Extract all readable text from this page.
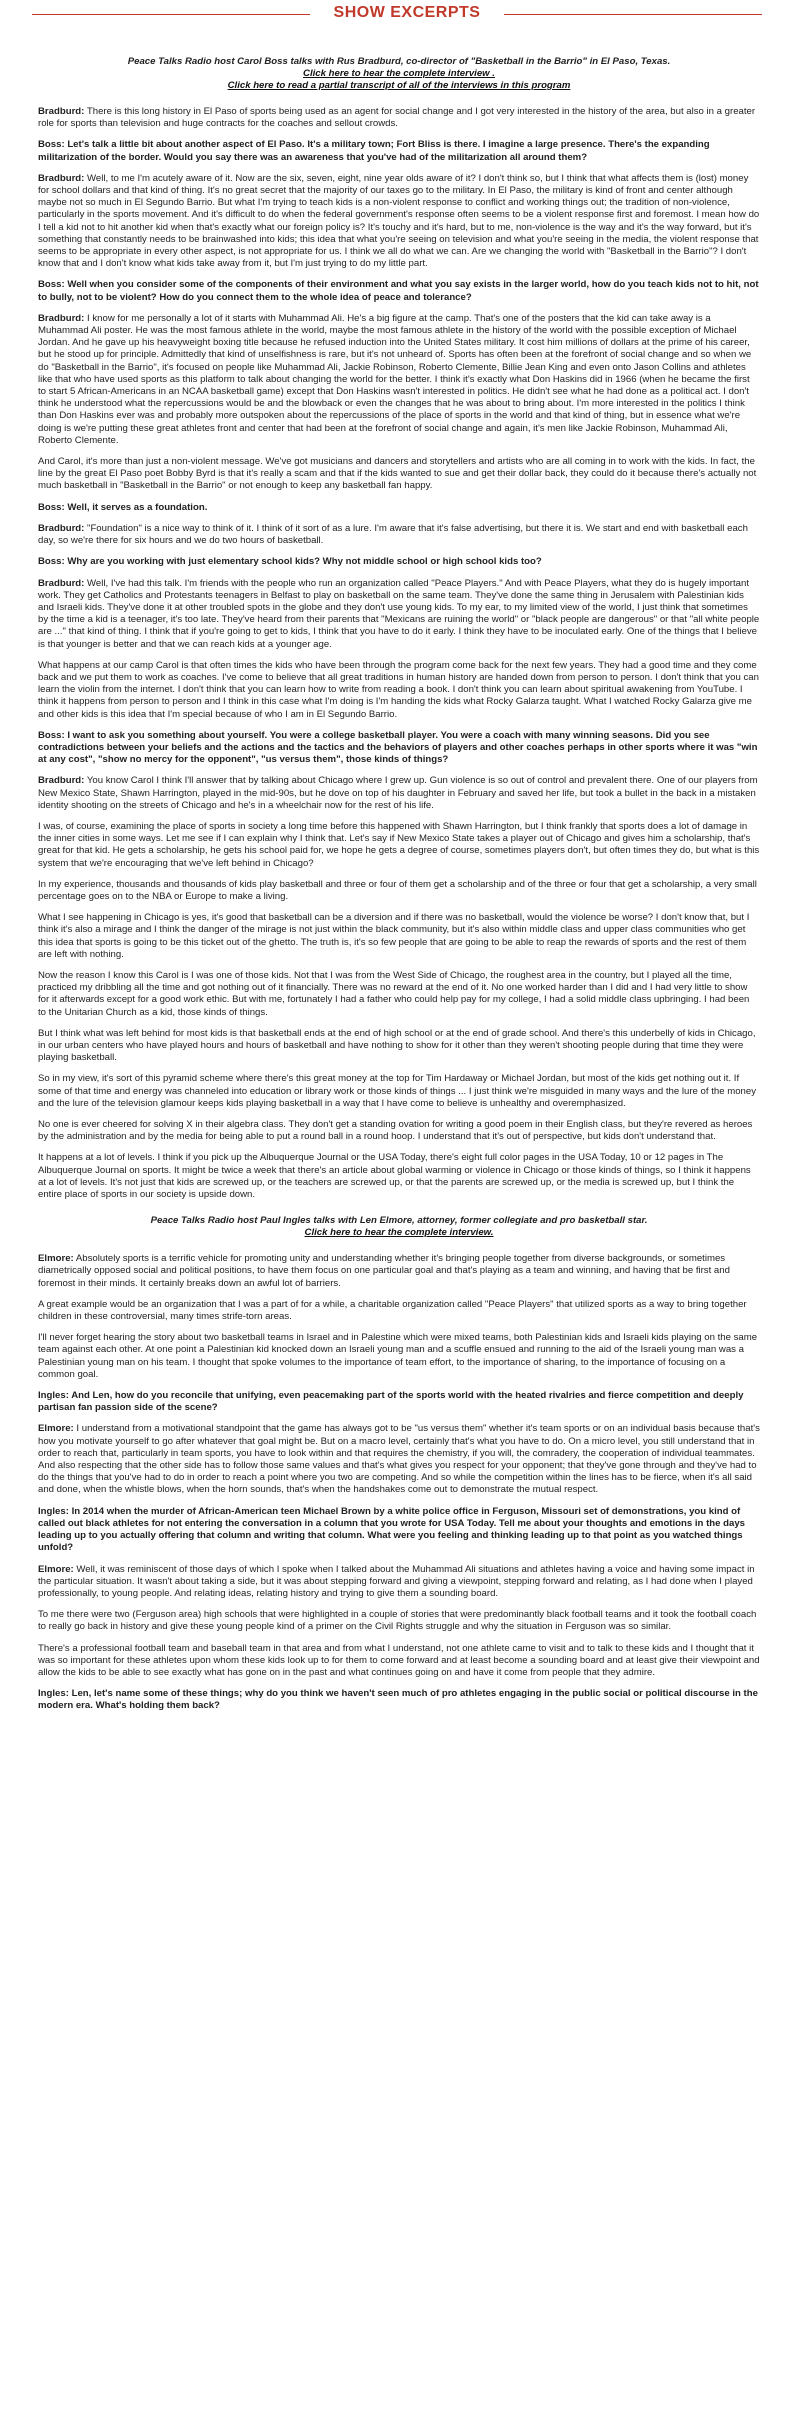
SHOW EXCERPTS
Peace Talks Radio host Carol Boss talks with Rus Bradburd, co-director of "Basketball in the Barrio" in El Paso, Texas.
Click here to hear the complete interview .
Click here to read a partial transcript of all of the interviews in this program

Bradburd: There is this long history in El Paso of sports being used as an agent for social change and I got very interested in the history of the area, but also in a greater role for sports than television and huge contracts for the coaches and sellout crowds.

Boss: Let's talk a little bit about another aspect of El Paso. It's a military town; Fort Bliss is there. I imagine a large presence. There's the expanding militarization of the border. Would you say there was an awareness that you've had of the militarization all around them?

Bradburd: Well, to me I'm acutely aware of it. Now are the six, seven, eight, nine year olds aware of it? I don't think so, but I think that what affects them is (lost) money for school dollars and that kind of thing. It's no great secret that the majority of our taxes go to the military. In El Paso, the military is kind of front and center although maybe not so much in El Segundo Barrio. But what I'm trying to teach kids is a non-violent response to conflict and working things out; the tradition of non-violence, particularly in the sports movement. And it's difficult to do when the federal government's response often seems to be a violent response first and foremost. I mean how do I tell a kid not to hit another kid when that's exactly what our foreign policy is? It's touchy and it's hard, but to me, non-violence is the way and it's the way forward, but it's something that constantly needs to be brainwashed into kids; this idea that what you're seeing on television and what you're seeing in the media, the violent response that seems to be appropriate in every other aspect, is not appropriate for us. I think we all do what we can. Are we changing the world with "Basketball in the Barrio"? I don't know that and I don't know what kids take away from it, but I'm just trying to do my little part.

Boss: Well when you consider some of the components of their environment and what you say exists in the larger world, how do you teach kids not to hit, not to bully, not to be violent? How do you connect them to the whole idea of peace and tolerance?

Bradburd: I know for me personally a lot of it starts with Muhammad Ali. He's a big figure at the camp. That's one of the posters that the kid can take away is a Muhammad Ali poster. He was the most famous athlete in the world, maybe the most famous athlete in the history of the world with the possible exception of Michael Jordan. And he gave up his heavyweight boxing title because he refused induction into the United States military. It cost him millions of dollars at the prime of his career, but he stood up for principle. Admittedly that kind of unselfishness is rare, but it's not unheard of. Sports has often been at the forefront of social change and so when we do "Basketball in the Barrio", it's focused on people like Muhammad Ali, Jackie Robinson, Roberto Clemente, Billie Jean King and even onto Jason Collins and athletes like that who have used sports as this platform to talk about changing the world for the better. I think it's exactly what Don Haskins did in 1966 (when he became the first to start 5 African-Americans in an NCAA basketball game) except that Don Haskins wasn't interested in politics. He didn't see what he had done as a political act. I don't think he understood what the repercussions would be and the blowback or even the changes that he was about to bring about. I'm more interested in the politics I think than Don Haskins ever was and probably more outspoken about the repercussions of the place of sports in the world and that kind of thing, but in essence what we're doing is we're putting these great athletes front and center that had been at the forefront of social change and again, it's men like Jackie Robinson, Muhammad Ali, Roberto Clemente.

And Carol, it's more than just a non-violent message. We've got musicians and dancers and storytellers and artists who are all coming in to work with the kids. In fact, the line by the great El Paso poet Bobby Byrd is that it's really a scam and that if the kids wanted to sue and get their dollar back, they could do it because there's actually not much basketball in "Basketball in the Barrio" or not enough to keep any basketball fan happy.

Boss: Well, it serves as a foundation.

Bradburd: "Foundation" is a nice way to think of it. I think of it sort of as a lure. I'm aware that it's false advertising, but there it is. We start and end with basketball each day, so we're there for six hours and we do two hours of basketball.

Boss: Why are you working with just elementary school kids? Why not middle school or high school kids too?

Bradburd: Well, I've had this talk. I'm friends with the people who run an organization called "Peace Players." And with Peace Players, what they do is hugely important work. They get Catholics and Protestants teenagers in Belfast to play on basketball on the same team. They've done the same thing in Jerusalem with Palestinian kids and Israeli kids. They've done it at other troubled spots in the globe and they don't use young kids. To my ear, to my limited view of the world, I just think that sometimes by the time a kid is a teenager, it's too late. They've heard from their parents that "Mexicans are ruining the world" or "black people are dangerous" or that "all white people are ..." that kind of thing. I think that if you're going to get to kids, I think that you have to do it early. I think they have to be inoculated early. One of the things that I believe is that younger is better and that we can reach kids at a younger age.

What happens at our camp Carol is that often times the kids who have been through the program come back for the next few years. They had a good time and they come back and we put them to work as coaches. I've come to believe that all great traditions in human history are handed down from person to person. I don't think that you can learn the violin from the internet. I don't think that you can learn how to write from reading a book. I don't think you can learn about spiritual awakening from YouTube. I think it happens from person to person and I think in this case what I'm doing is I'm handing the kids what Rocky Galarza taught. What I watched Rocky Galarza give me and other kids is this idea that I'm special because of who I am in El Segundo Barrio.

Boss: I want to ask you something about yourself. You were a college basketball player. You were a coach with many winning seasons. Did you see contradictions between your beliefs and the actions and the tactics and the behaviors of players and other coaches perhaps in other sports where it was "win at any cost", "show no mercy for the opponent", "us versus them", those kinds of things?

Bradburd: You know Carol I think I'll answer that by talking about Chicago where I grew up. Gun violence is so out of control and prevalent there. One of our players from New Mexico State, Shawn Harrington, played in the mid-90s, but he dove on top of his daughter in February and saved her life, but took a bullet in the back in a mistaken identity shooting on the streets of Chicago and he's in a wheelchair now for the rest of his life.

I was, of course, examining the place of sports in society a long time before this happened with Shawn Harrington, but I think frankly that sports does a lot of damage in the inner cities in some ways. Let me see if I can explain why I think that. Let's say if New Mexico State takes a player out of Chicago and gives him a scholarship, that's great for that kid. He gets a scholarship, he gets his school paid for, we hope he gets a degree of course, sometimes players don't, but often times they do, but what is this system that we're encouraging that we've left behind in Chicago?

In my experience, thousands and thousands of kids play basketball and three or four of them get a scholarship and of the three or four that get a scholarship, a very small percentage goes on to the NBA or Europe to make a living.

What I see happening in Chicago is yes, it's good that basketball can be a diversion and if there was no basketball, would the violence be worse? I don't know that, but I think it's also a mirage and I think the danger of the mirage is not just within the black community, but it's also within middle class and upper class communities who get this idea that sports is going to be this ticket out of the ghetto. The truth is, it's so few people that are going to be able to reap the rewards of sports and the rest of them are left with nothing.

Now the reason I know this Carol is I was one of those kids. Not that I was from the West Side of Chicago, the roughest area in the country, but I played all the time, practiced my dribbling all the time and got nothing out of it financially. There was no reward at the end of it. No one worked harder than I did and I had very little to show for it afterwards except for a good work ethic. But with me, fortunately I had a father who could help pay for my college, I had a solid middle class upbringing. I had been to the Unitarian Church as a kid, those kinds of things.

But I think what was left behind for most kids is that basketball ends at the end of high school or at the end of grade school. And there's this underbelly of kids in Chicago, in our urban centers who have played hours and hours of basketball and have nothing to show for it other than they weren't shooting people during that time they were playing basketball.

So in my view, it's sort of this pyramid scheme where there's this great money at the top for Tim Hardaway or Michael Jordan, but most of the kids get nothing out it. If some of that time and energy was channeled into education or library work or those kinds of things ... I just think we're misguided in many ways and the lure of the money and the lure of the television glamour keeps kids playing basketball in a way that I have come to believe is unhealthy and overemphasized.

No one is ever cheered for solving X in their algebra class. They don't get a standing ovation for writing a good poem in their English class, but they're revered as heroes by the administration and by the media for being able to put a round ball in a round hoop. I understand that it's out of perspective, but kids don't understand that.

It happens at a lot of levels. I think if you pick up the Albuquerque Journal or the USA Today, there's eight full color pages in the USA Today, 10 or 12 pages in The Albuquerque Journal on sports. It might be twice a week that there's an article about global warming or violence in Chicago or those kinds of things, so I think it happens at a lot of levels. It's not just that kids are screwed up, or the teachers are screwed up, or that the parents are screwed up, or the media is screwed up, but I think the entire place of sports in our society is upside down.

Peace Talks Radio host Paul Ingles talks with Len Elmore, attorney, former collegiate and pro basketball star.
Click here to hear the complete interview.

Elmore: Absolutely sports is a terrific vehicle for promoting unity and understanding whether it's bringing people together from diverse backgrounds, or sometimes diametrically opposed social and political positions, to have them focus on one particular goal and that's playing as a team and winning, and having that be first and foremost in their minds. It certainly breaks down an awful lot of barriers.

A great example would be an organization that I was a part of for a while, a charitable organization called "Peace Players" that utilized sports as a way to bring together children in these controversial, many times strife-torn areas.

I'll never forget hearing the story about two basketball teams in Israel and in Palestine which were mixed teams, both Palestinian kids and Israeli kids playing on the same team against each other. At one point a Palestinian kid knocked down an Israeli young man and a scuffle ensued and running to the aid of the Israeli young man was a Palestinian young man on his team. I thought that spoke volumes to the importance of team effort, to the importance of sharing, to the importance of focusing on a common goal.

Ingles: And Len, how do you reconcile that unifying, even peacemaking part of the sports world with the heated rivalries and fierce competition and deeply partisan fan passion side of the scene?

Elmore: I understand from a motivational standpoint that the game has always got to be "us versus them" whether it's team sports or on an individual basis because that's how you motivate yourself to go after whatever that goal might be. But on a macro level, certainly that's what you have to do. On a micro level, you still understand that in order to reach that, particularly in team sports, you have to look within and that requires the chemistry, if you will, the comradery, the cooperation of individual teammates. And also respecting that the other side has to follow those same values and that's what gives you respect for your opponent; that they've gone through and they've had to do the things that you've had to do in order to reach a point where you two are competing. And so while the competition within the lines has to be fierce, when it's all said and done, when the whistle blows, when the horn sounds, that's when the handshakes come out to demonstrate the mutual respect.

Ingles: In 2014 when the murder of African-American teen Michael Brown by a white police office in Ferguson, Missouri set of demonstrations, you kind of called out black athletes for not entering the conversation in a column that you wrote for USA Today. Tell me about your thoughts and emotions in the days leading up to you actually offering that column and writing that column. What were you feeling and thinking leading up to that point as you watched things unfold?

Elmore: Well, it was reminiscent of those days of which I spoke when I talked about the Muhammad Ali situations and athletes having a voice and having some impact in the particular situation. It wasn't about taking a side, but it was about stepping forward and giving a viewpoint, stepping forward and relating, as I had done when I played professionally, to young people. And relating ideas, relating history and trying to give them a sounding board.

To me there were two (Ferguson area) high schools that were highlighted in a couple of stories that were predominantly black football teams and it took the football coach to really go back in history and give these young people kind of a primer on the Civil Rights struggle and why the situation in Ferguson was so similar.

There's a professional football team and baseball team in that area and from what I understand, not one athlete came to visit and to talk to these kids and I thought that it was so important for these athletes upon whom these kids look up to for them to come forward and at least become a sounding board and at least give their viewpoint and allow the kids to be able to see exactly what has gone on in the past and what continues going on and have it come from people that they admire.

Ingles: Len, let's name some of these things; why do you think we haven't seen much of pro athletes engaging in the public social or political discourse in the modern era. What's holding them back?
